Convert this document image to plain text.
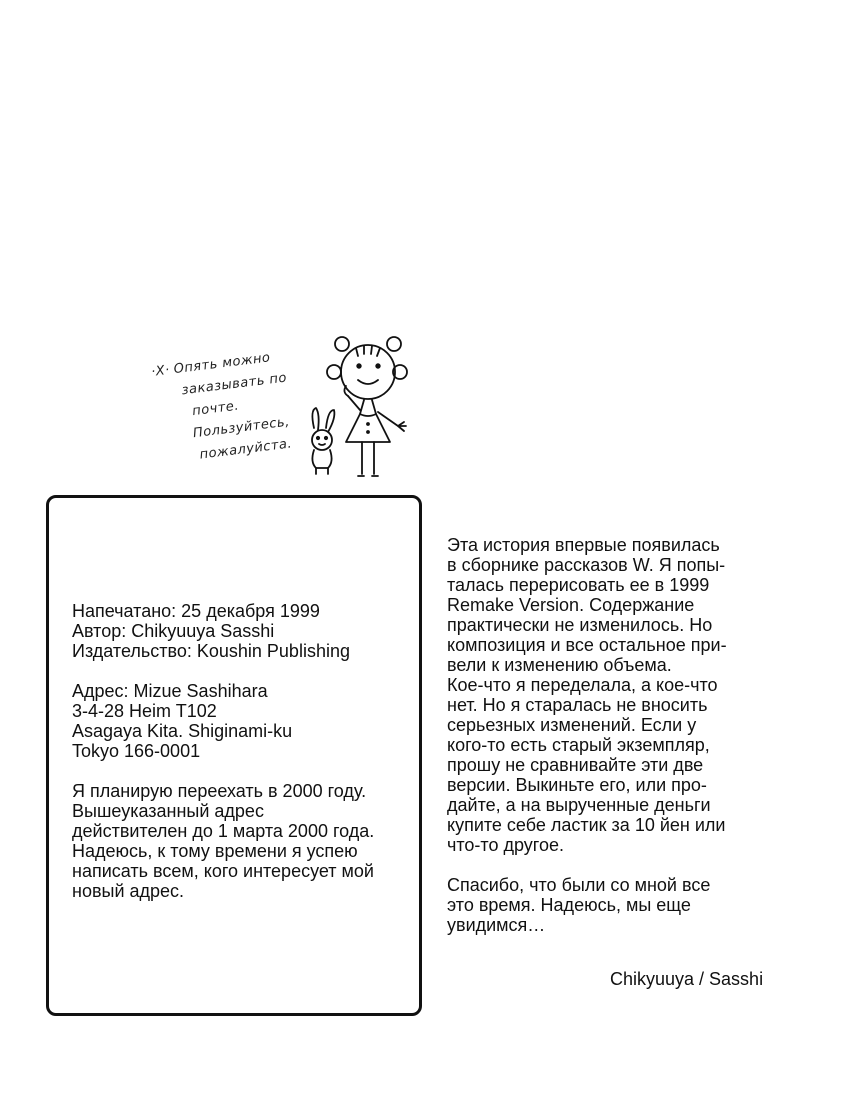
·X· Опять можно
заказывать по
почте.
Пользуйтесь,
пожалуйста.
Напечатано: 25 декабря 1999
Автор: Chikyuuya Sasshi
Издательство: Koushin Publishing
Адрес: Mizue Sashihara
3-4-28 Heim T102
Asagaya Kita. Shiginami-ku
Tokyo 166-0001
Я планирую переехать в 2000 году.
Вышеуказанный адрес
действителен до 1 марта 2000 года.
Надеюсь, к тому времени я успею
написать всем, кого интересует мой
новый адрес.
Эта история впервые появилась
в сборнике рассказов W. Я попы-
талась перерисовать ее в 1999
Remake Version. Содержание
практически не изменилось. Но
композиция и все остальное при-
вели к изменению объема.
Кое-что я переделала, а кое-что
нет. Но я старалась не вносить
серьезных изменений. Если у
кого-то есть старый экземпляр,
прошу не сравнивайте эти две
версии. Выкиньте его, или про-
дайте, а на вырученные деньги
купите себе ластик за 10 йен или
что-то другое.
Спасибо, что были со мной все
это время. Надеюсь, мы еще
увидимся…
Chikyuuya / Sasshi
